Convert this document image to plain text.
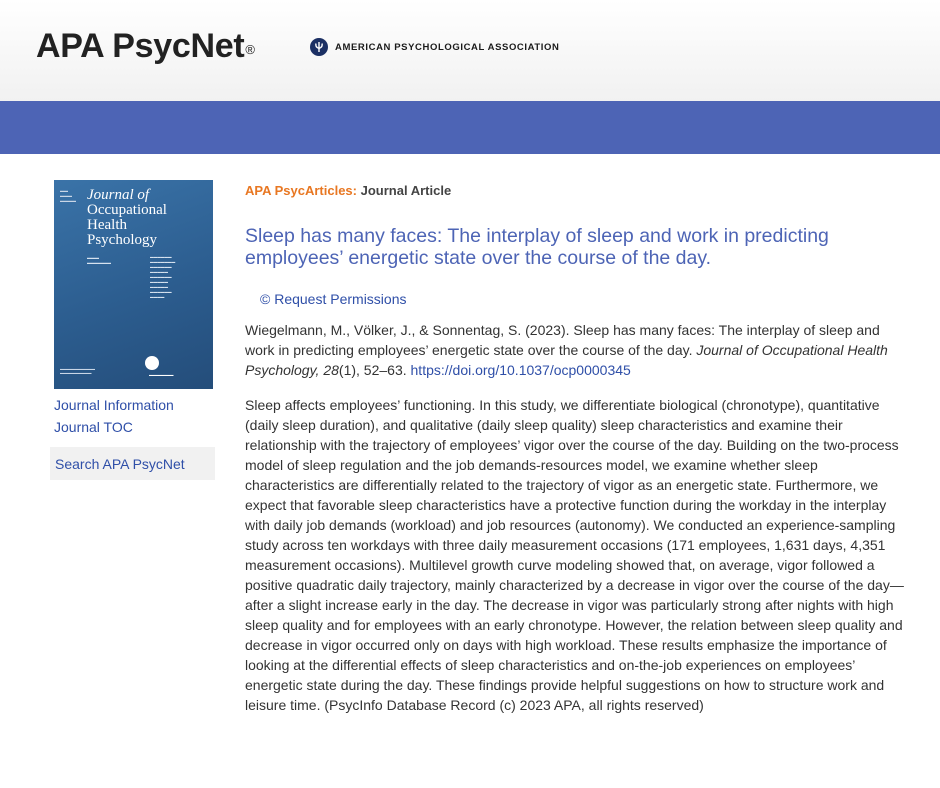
APA PsycNet®	AMERICAN PSYCHOLOGICAL ASSOCIATION
▬▬
▬▬▬
▬▬▬▬ Journal of
Occupational
Health
Psychology
▬▬▬
▬▬▬▬▬▬
▬▬▬▬▬▬
▬▬▬▬▬▬▬
▬▬▬▬▬▬
▬▬▬▬▬
▬▬▬▬▬▬
▬▬▬▬▬
▬▬▬▬▬
▬▬▬▬▬▬
▬▬▬▬
▬▬▬▬▬▬▬▬▬▬
▬▬▬▬▬▬▬▬▬	▬▬▬▬▬▬▬
Journal Information
Journal TOC
Search APA PsycNet
APA PsycArticles: Journal Article
Sleep has many faces: The interplay of sleep and work in predicting employees’ energetic state over the course of the day.
© Request Permissions

Wiegelmann, M., Völker, J., & Sonnentag, S. (2023). Sleep has many faces: The interplay of sleep and work in predicting employees’ energetic state over the course of the day. Journal of Occupational Health Psychology, 28(1), 52–63. https://doi.org/10.1037/ocp0000345

Sleep affects employees’ functioning. In this study, we differentiate biological (chronotype), quantitative (daily sleep duration), and qualitative (daily sleep quality) sleep characteristics and examine their relationship with the trajectory of employees’ vigor over the course of the day. Building on the two-process model of sleep regulation and the job demands-resources model, we examine whether sleep characteristics are differentially related to the trajectory of vigor as an energetic state. Furthermore, we expect that favorable sleep characteristics have a protective function during the workday in the interplay with daily job demands (workload) and job resources (autonomy). We conducted an experience-sampling study across ten workdays with three daily measurement occasions (171 employees, 1,631 days, 4,351 measurement occasions). Multilevel growth curve modeling showed that, on average, vigor followed a positive quadratic daily trajectory, mainly characterized by a decrease in vigor over the course of the day—after a slight increase early in the day. The decrease in vigor was particularly strong after nights with high sleep quality and for employees with an early chronotype. However, the relation between sleep quality and decrease in vigor occurred only on days with high workload. These results emphasize the importance of looking at the differential effects of sleep characteristics and on-the-job experiences on employees’ energetic state during the day. These findings provide helpful suggestions on how to structure work and leisure time. (PsycInfo Database Record (c) 2023 APA, all rights reserved)
